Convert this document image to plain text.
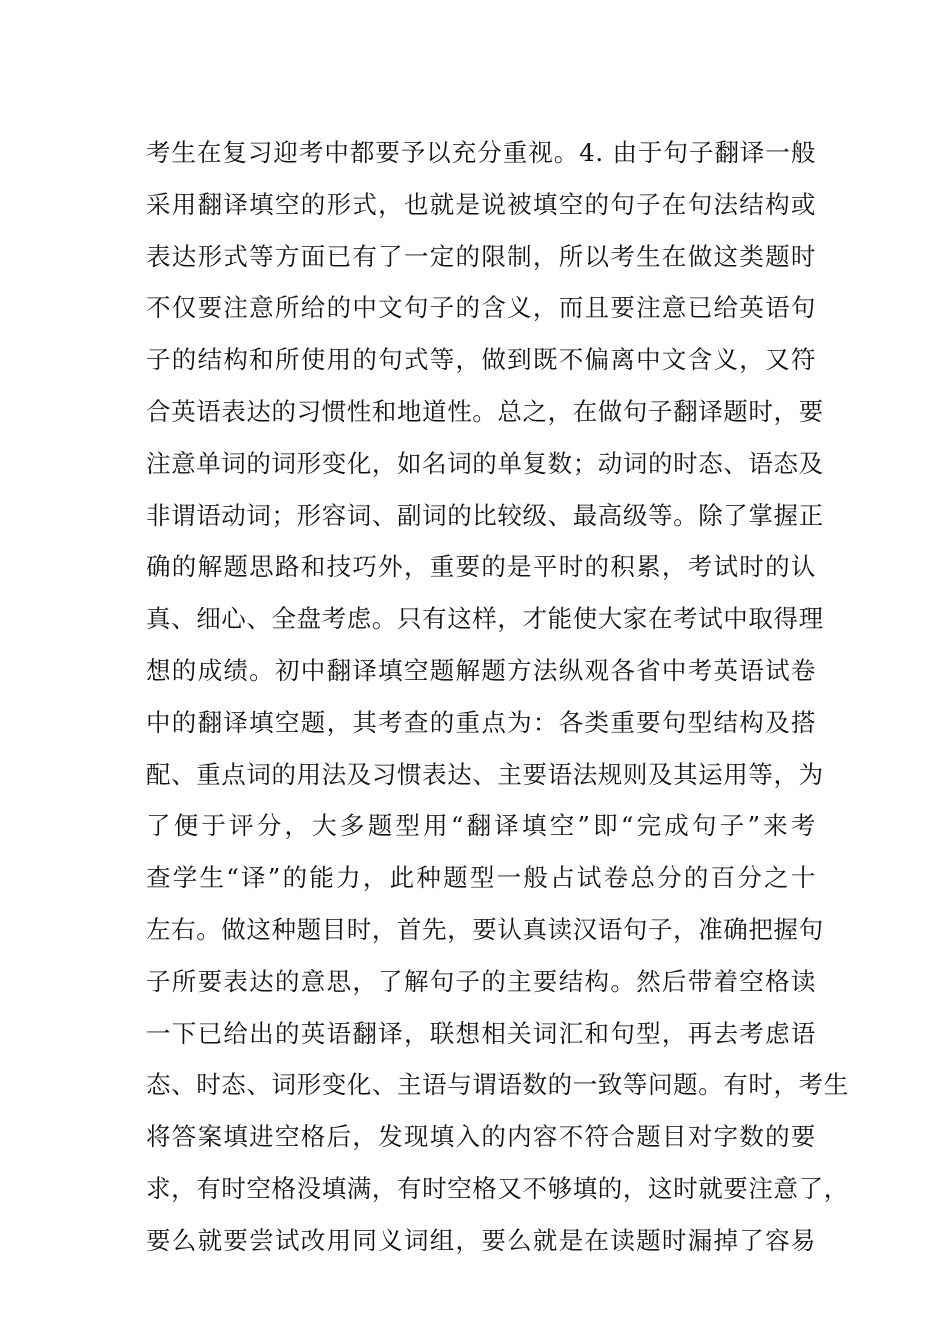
考生在复习迎考中都要予以充分重视。4. 由于句子翻译一般
采用翻译填空的形式，也就是说被填空的句子在句法结构或
表达形式等方面已有了一定的限制，所以考生在做这类题时
不仅要注意所给的中文句子的含义，而且要注意已给英语句
子的结构和所使用的句式等，做到既不偏离中文含义，又符
合英语表达的习惯性和地道性。总之，在做句子翻译题时，要
注意单词的词形变化，如名词的单复数；动词的时态、语态及
非谓语动词；形容词、副词的比较级、最高级等。除了掌握正
确的解题思路和技巧外，重要的是平时的积累，考试时的认
真、细心、全盘考虑。只有这样，才能使大家在考试中取得理
想的成绩。初中翻译填空题解题方法纵观各省中考英语试卷
中的翻译填空题，其考查的重点为：各类重要句型结构及搭
配、重点词的用法及习惯表达、主要语法规则及其运用等，为
了便于评分，大多题型用“翻译填空”即“完成句子”来考
查学生“译”的能力，此种题型一般占试卷总分的百分之十
左右。做这种题目时，首先，要认真读汉语句子，准确把握句
子所要表达的意思，了解句子的主要结构。然后带着空格读
一下已给出的英语翻译，联想相关词汇和句型，再去考虑语
态、时态、词形变化、主语与谓语数的一致等问题。有时，考生
将答案填进空格后，发现填入的内容不符合题目对字数的要
求，有时空格没填满，有时空格又不够填的，这时就要注意了，
要么就要尝试改用同义词组，要么就是在读题时漏掉了容易
